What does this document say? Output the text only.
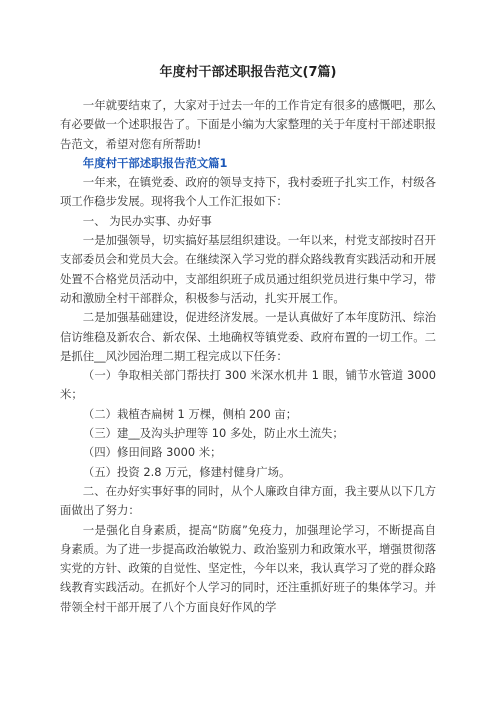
年度村干部述职报告范文(7篇)

一年就要结束了，大家对于过去一年的工作肯定有很多的感慨吧，那么有必要做一个述职报告了。下面是小编为大家整理的关于年度村干部述职报告范文，希望对您有所帮助!

年度村干部述职报告范文篇1

一年来，在镇党委、政府的领导支持下，我村委班子扎实工作，村级各项工作稳步发展。现将我个人工作汇报如下：

一、 为民办实事、办好事

一是加强领导，切实搞好基层组织建设。一年以来，村党支部按时召开支部委员会和党员大会。在继续深入学习党的群众路线教育实践活动和开展处置不合格党员活动中，支部组织班子成员通过组织党员进行集中学习，带动和激励全村干部群众，积极参与活动，扎实开展工作。

二是加强基础建设，促进经济发展。一是认真做好了本年度防汛、综治信访维稳及新农合、新农保、土地确权等镇党委、政府布置的一切工作。二是抓住__风沙园治理二期工程完成以下任务：

（一）争取相关部门帮扶打 300 米深水机井 1 眼，铺节水管道 3000 米；

（二）栽植杏扁树 1 万棵，侧柏 200 亩；

（三）建__及沟头护理等 10 多处，防止水土流失；

（四）修田间路 3000 米；

（五）投资 2.8 万元，修建村健身广场。

二、在办好实事好事的同时，从个人廉政自律方面，我主要从以下几方面做出了努力：

一是强化自身素质，提高“防腐”免疫力，加强理论学习，不断提高自身素质。为了进一步提高政治敏锐力、政治鉴别力和政策水平，增强贯彻落实党的方针、政策的自觉性、坚定性，今年以来，我认真学习了党的群众路线教育实践活动。在抓好个人学习的同时，还注重抓好班子的集体学习。并带领全村干部开展了八个方面良好作风的学
